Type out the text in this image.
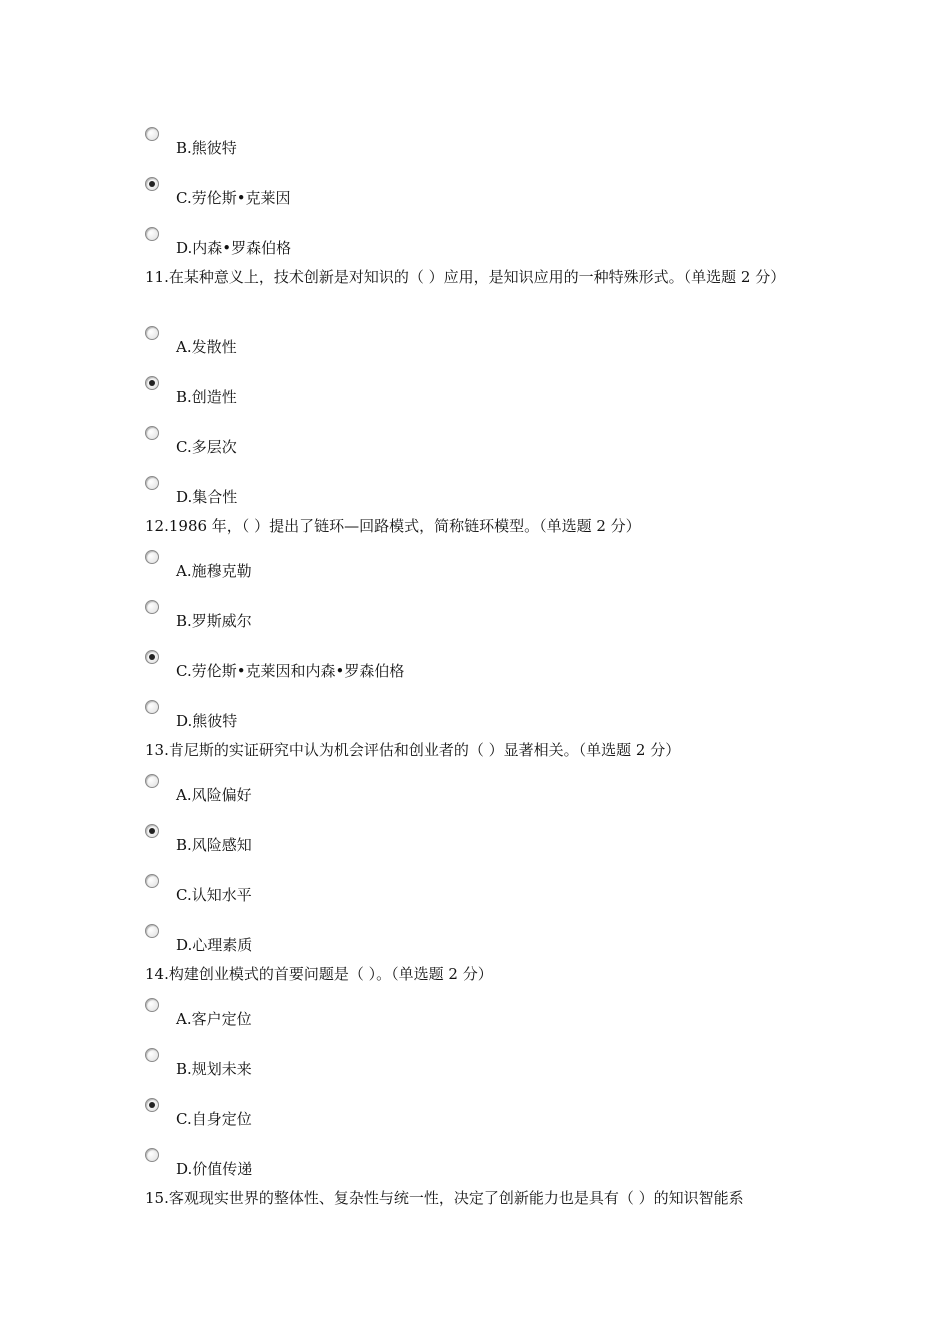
B.熊彼特
C.劳伦斯•克莱因
D.内森•罗森伯格
11.在某种意义上，技术创新是对知识的（ ）应用，是知识应用的一种特殊形式。（单选题 2 分）
A.发散性
B.创造性
C.多层次
D.集合性
12.1986 年，（ ）提出了链环—回路模式，简称链环模型。（单选题 2 分）
A.施穆克勒
B.罗斯威尔
C.劳伦斯•克莱因和内森•罗森伯格
D.熊彼特
13.肯尼斯的实证研究中认为机会评估和创业者的（ ）显著相关。（单选题 2 分）
A.风险偏好
B.风险感知
C.认知水平
D.心理素质
14.构建创业模式的首要问题是（ ）。（单选题 2 分）
A.客户定位
B.规划未来
C.自身定位
D.价值传递
15.客观现实世界的整体性、复杂性与统一性，决定了创新能力也是具有（ ）的知识智能系
